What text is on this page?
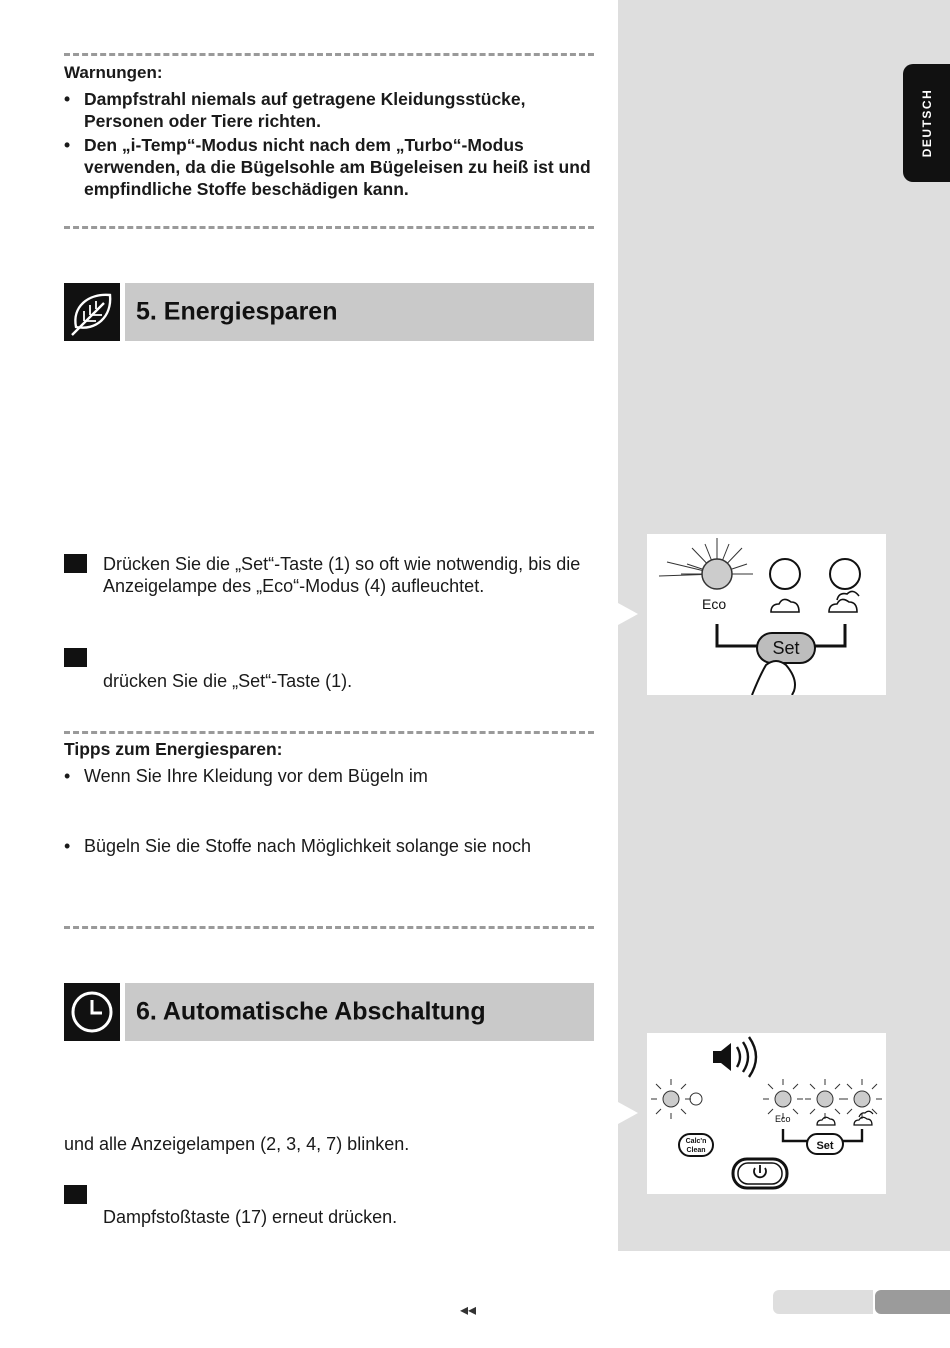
DEUTSCH
Warnungen:
• Dampfstrahl niemals auf getragene Kleidungsstücke, Personen oder Tiere richten.
• Den „i-Temp“-Modus nicht nach dem „Turbo“-Modus verwenden, da die Bügelsohle am Bügeleisen zu heiß ist und empfindliche Stoffe beschädigen kann.
5. Energiesparen
Drücken Sie die „Set“-Taste (1) so oft wie notwendig, bis die Anzeigelampe des „Eco“-Modus (4) aufleuchtet.
drücken Sie die „Set“-Taste (1).
Tipps zum Energiesparen:
• Wenn Sie Ihre Kleidung vor dem Bügeln im
• Bügeln Sie die Stoffe nach Möglichkeit solange sie noch
Eco
Set
6. Automatische Abschaltung
und alle Anzeigelampen (2, 3, 4, 7) blinken.
Dampfstoßtaste (17) erneut drücken.
Eco
Set
Calc'n
Clean
◂◂
